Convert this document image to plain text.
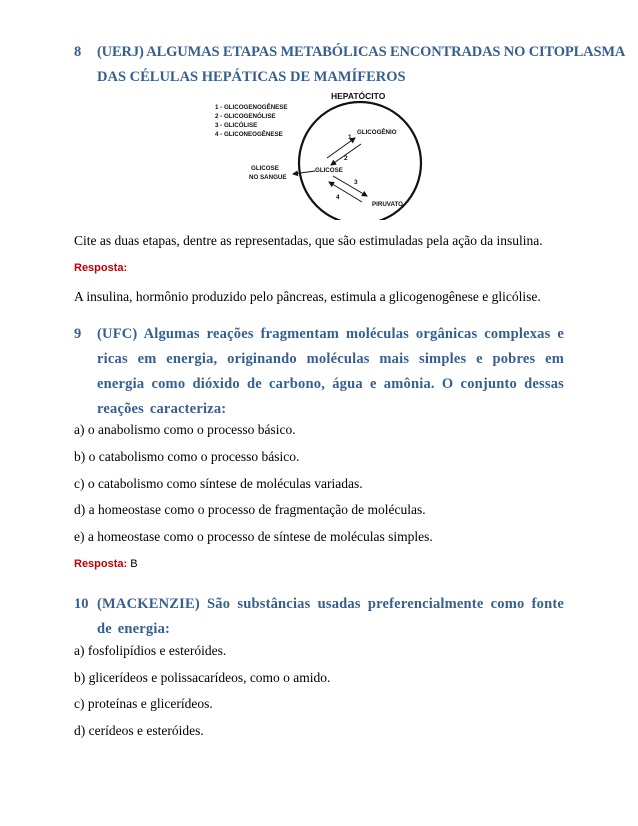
8	(UERJ) ALGUMAS ETAPAS METABÓLICAS ENCONTRADAS NO CITOPLASMA
DAS CÉLULAS HEPÁTICAS DE MAMÍFEROS
HEPATÓCITO
1 - GLICOGENOGÊNESE
2 - GLICOGENÓLISE
3 - GLICÓLISE
4 - GLICONEOGÊNESE	GLICOGÊNIO
GLICOSE
GLICOSE
NO SANGUE
PIRUVATO
1
2
3
4
Cite as duas etapas, dentre as representadas, que são estimuladas pela ação da insulina.
Resposta:
A insulina, hormônio produzido pelo pâncreas, estimula a glicogenogênese e glicólise.
9	(UFC) Algumas reações fragmentam moléculas orgânicas complexas e ricas em energia, originando moléculas mais simples e pobres em energia como dióxido de carbono, água e amônia. O conjunto dessas reações caracteriza:
a) o anabolismo como o processo básico.
b) o catabolismo como o processo básico.
c) o catabolismo como síntese de moléculas variadas.
d) a homeostase como o processo de fragmentação de moléculas.
e) a homeostase como o processo de síntese de moléculas simples.
Resposta: B
10 (MACKENZIE) São substâncias usadas preferencialmente como fonte de energia:
a) fosfolipídios e esteróides.
b) glicerídeos e polissacarídeos, como o amido.
c) proteínas e glicerídeos.
d) cerídeos e esteróides.
